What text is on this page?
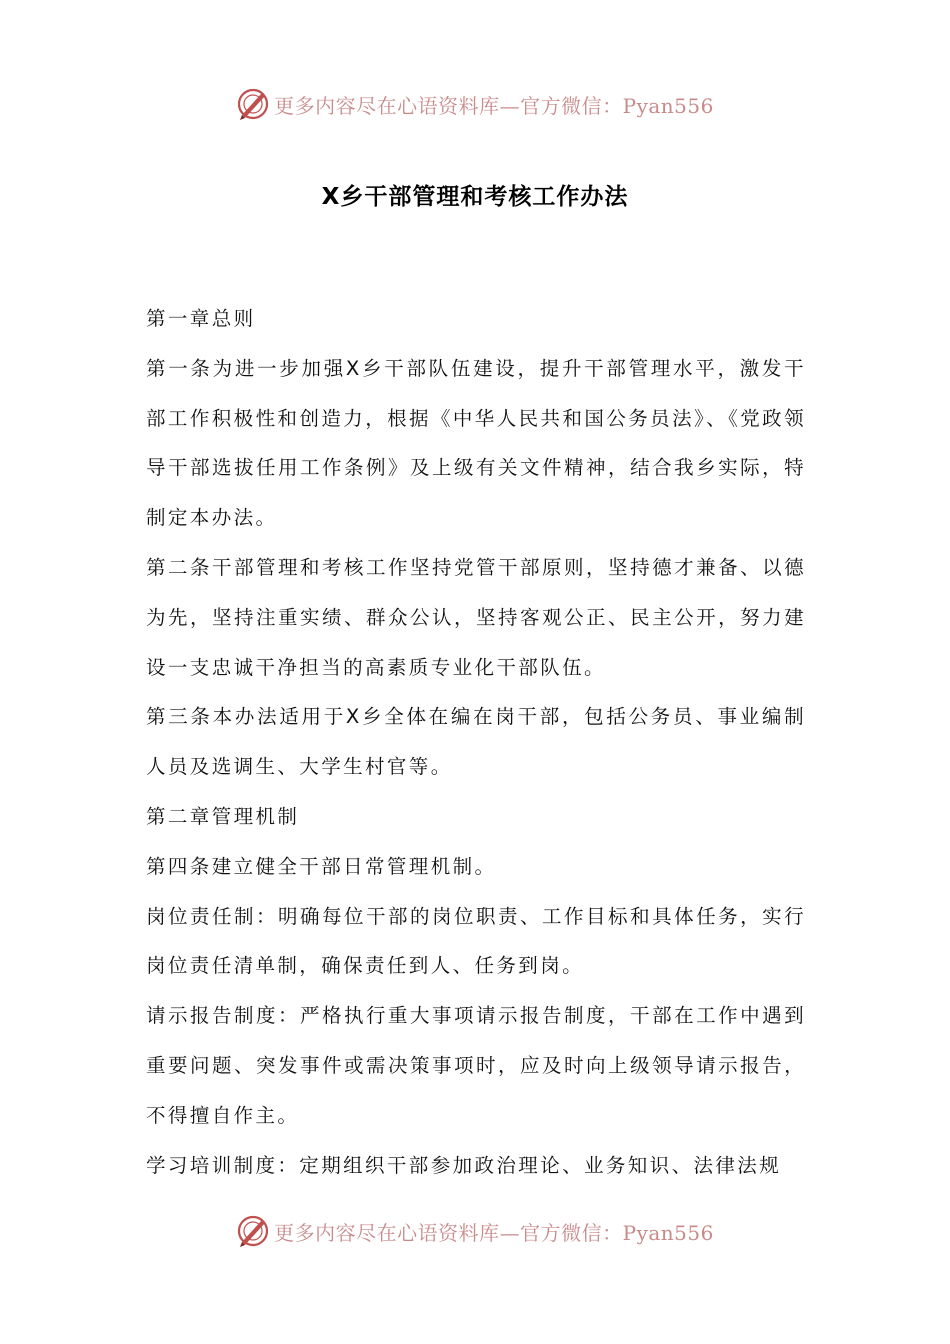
更多内容尽在心语资料库—官方微信：Pyan556
X乡干部管理和考核工作办法

第一章总则

第一条为进一步加强X乡干部队伍建设，提升干部管理水平，激发干部工作积极性和创造力，根据《中华人民共和国公务员法》、《党政领导干部选拔任用工作条例》及上级有关文件精神，结合我乡实际，特制定本办法。

第二条干部管理和考核工作坚持党管干部原则，坚持德才兼备、以德为先，坚持注重实绩、群众公认，坚持客观公正、民主公开，努力建设一支忠诚干净担当的高素质专业化干部队伍。

第三条本办法适用于X乡全体在编在岗干部，包括公务员、事业编制人员及选调生、大学生村官等。

第二章管理机制

第四条建立健全干部日常管理机制。

岗位责任制：明确每位干部的岗位职责、工作目标和具体任务，实行岗位责任清单制，确保责任到人、任务到岗。

请示报告制度：严格执行重大事项请示报告制度，干部在工作中遇到重要问题、突发事件或需决策事项时，应及时向上级领导请示报告，不得擅自作主。

学习培训制度：定期组织干部参加政治理论、业务知识、法律法规

更多内容尽在心语资料库—官方微信：Pyan556
